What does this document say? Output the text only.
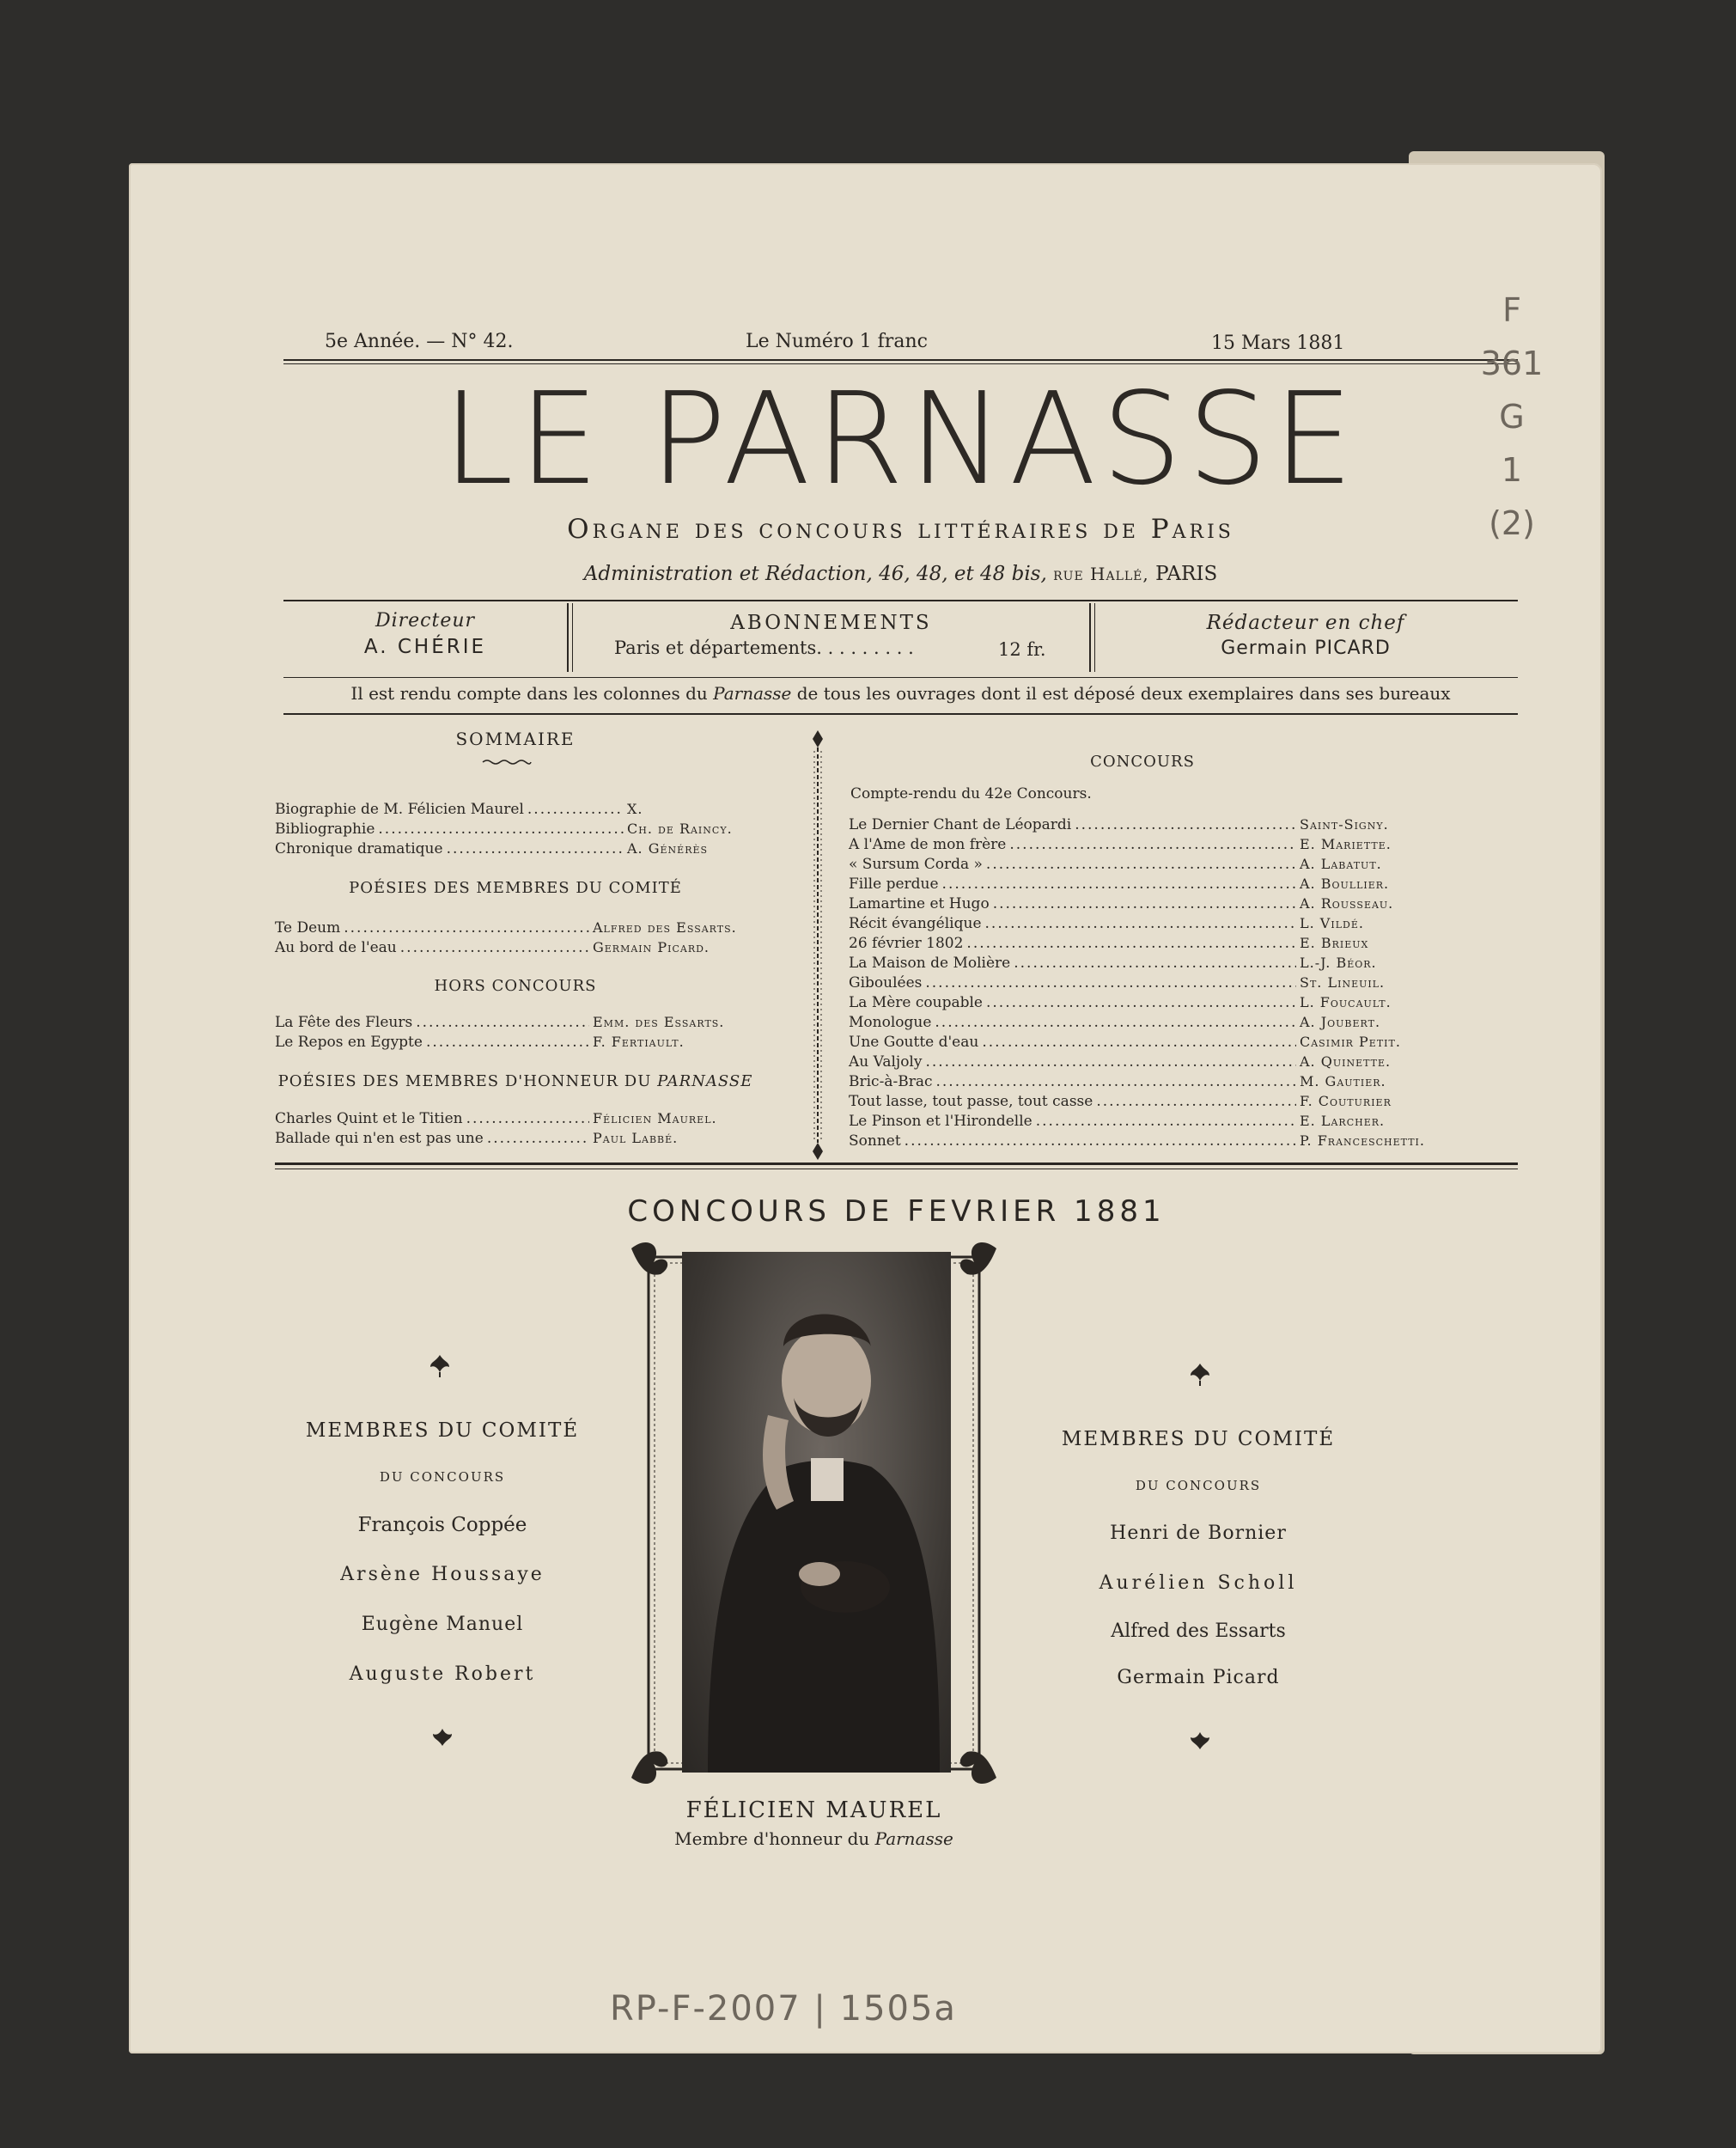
5e Année. — N° 42.	Le Numéro 1 franc	15 Mars 1881
LE PARNASSE
Organe des concours littéraires de Paris
Administration et Rédaction, 46, 48, et 48 bis, rue Hallé, PARIS
Directeur
A. CHÉRIE
ABONNEMENTS
Paris et départements. . . . . . . . .	12 fr.
Rédacteur en chef
Germain PICARD
Il est rendu compte dans les colonnes du Parnasse de tous les ouvrages dont il est déposé deux exemplaires dans ses bureaux
SOMMAIRE
Biographie de M. Félicien Maurel .....	X.
Bibliographie .....	Ch. de Raincy.
Chronique dramatique .....	A. Générès
POÉSIES DES MEMBRES DU COMITÉ
Te Deum .....	Alfred des Essarts.
Au bord de l'eau .....	Germain Picard.
HORS CONCOURS
La Fête des Fleurs .....	Emm. des Essarts.
Le Repos en Egypte .....	F. Fertiault.
POÉSIES DES MEMBRES D'HONNEUR DU PARNASSE
Charles Quint et le Titien .....	Félicien Maurel.
Ballade qui n'en est pas une .....	Paul Labbé.
CONCOURS
Compte-rendu du 42e Concours.
Le Dernier Chant de Léopardi .....	Saint-Signy.
A l'Ame de mon frère .....	E. Mariette.
« Sursum Corda » .....	A. Labatut.
Fille perdue .....	A. Boullier.
Lamartine et Hugo .....	A. Rousseau.
Récit évangélique .....	L. Vildé.
26 février 1802 .....	E. Brieux
La Maison de Molière .....	L.-J. Béor.
Giboulées .....	St. Lineuil.
La Mère coupable .....	L. Foucault.
Monologue .....	A. Joubert.
Une Goutte d'eau .....	Casimir Petit.
Au Valjoly .....	A. Quinette.
Bric-à-Brac .....	M. Gautier.
Tout lasse, tout passe, tout casse .....	F. Couturier
Le Pinson et l'Hirondelle .....	E. Larcher.
Sonnet .....	P. Franceschetti.
CONCOURS DE FEVRIER 1881
MEMBRES DU COMITÉ
DU CONCOURS
François Coppée
Arsène Houssaye
Eugène Manuel
Auguste Robert
FÉLICIEN MAUREL
Membre d'honneur du Parnasse
MEMBRES DU COMITÉ
DU CONCOURS
Henri de Bornier
Aurélien Scholl
Alfred des Essarts
Germain Picard
F
361
G
1
(2)
RP-F-2007 | 1505a
